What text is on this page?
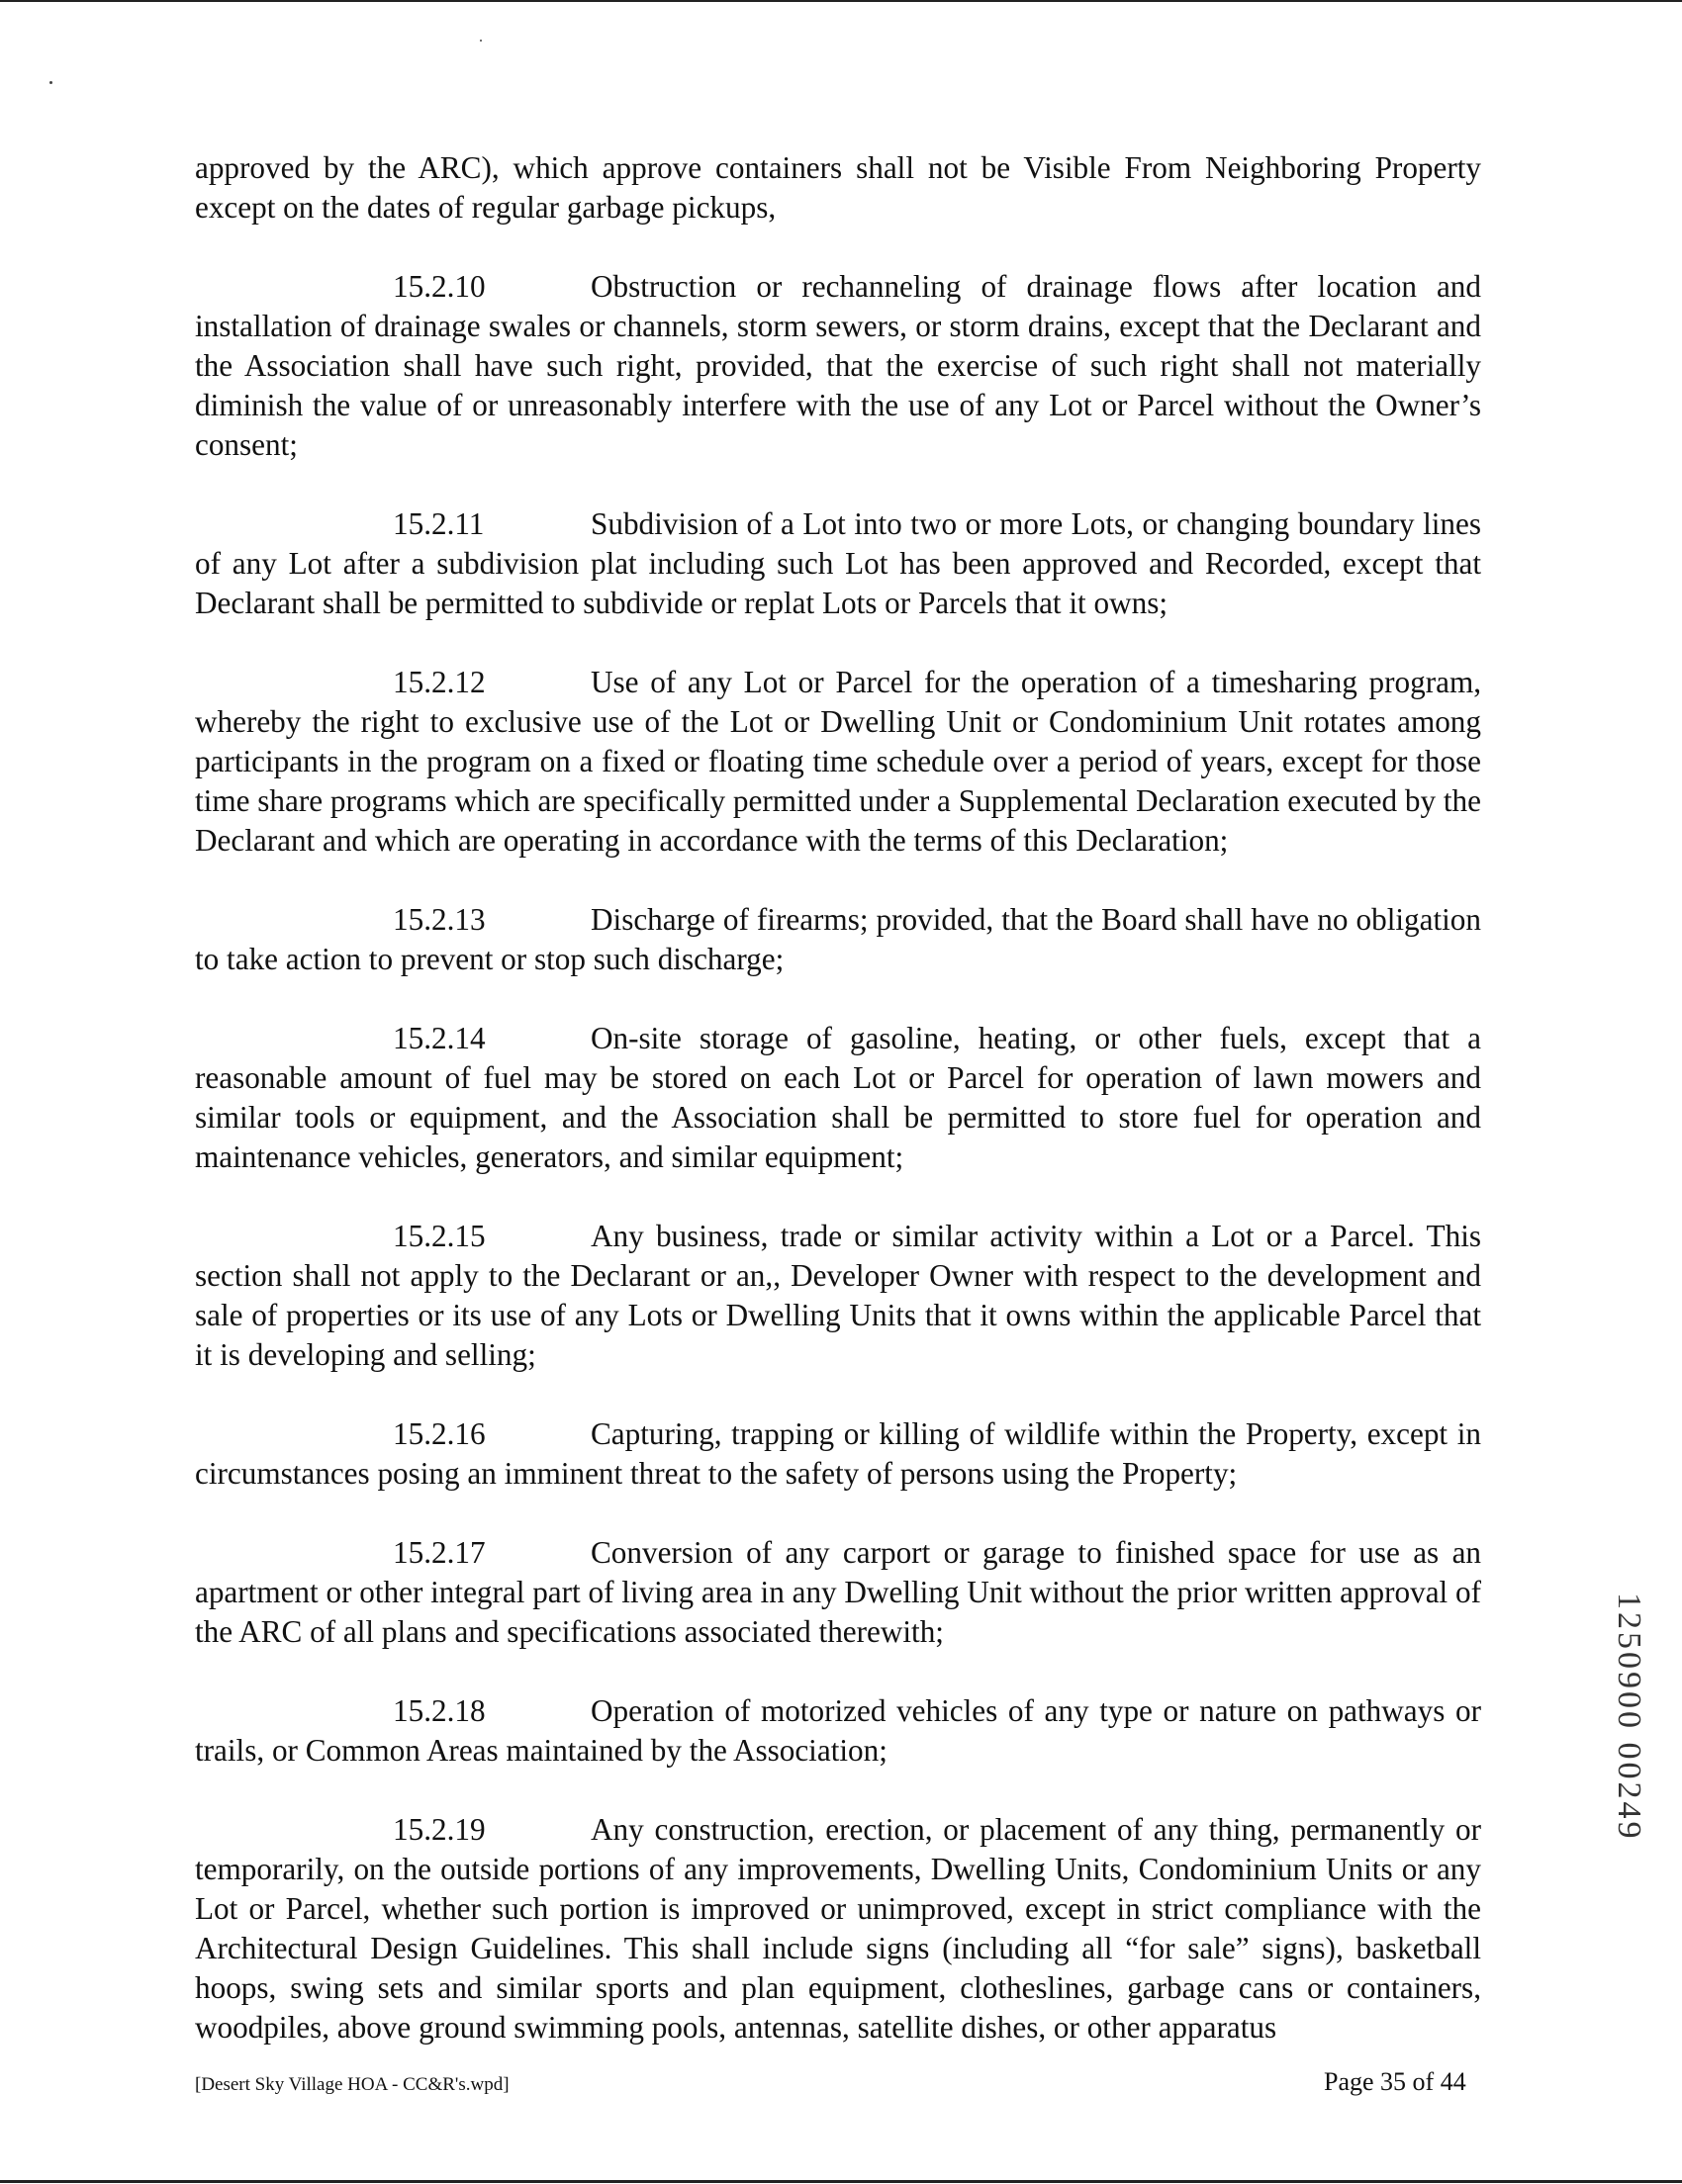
approved by the ARC), which approve containers shall not be Visible From Neighboring Property except on the dates of regular garbage pickups,

15.2.10	Obstruction or rechanneling of drainage flows after location and installation of drainage swales or channels, storm sewers, or storm drains, except that the Declarant and the Association shall have such right, provided, that the exercise of such right shall not materially diminish the value of or unreasonably interfere with the use of any Lot or Parcel without the Owner’s consent;

15.2.11	Subdivision of a Lot into two or more Lots, or changing boundary lines of any Lot after a subdivision plat including such Lot has been approved and Recorded, except that Declarant shall be permitted to subdivide or replat Lots or Parcels that it owns;

15.2.12	Use of any Lot or Parcel for the operation of a timesharing program, whereby the right to exclusive use of the Lot or Dwelling Unit or Condominium Unit rotates among participants in the program on a fixed or floating time schedule over a period of years, except for those time share programs which are specifically permitted under a Supplemental Declaration executed by the Declarant and which are operating in accordance with the terms of this Declaration;

15.2.13	Discharge of firearms; provided, that the Board shall have no obligation to take action to prevent or stop such discharge;

15.2.14	On-site storage of gasoline, heating, or other fuels, except that a reasonable amount of fuel may be stored on each Lot or Parcel for operation of lawn mowers and similar tools or equipment, and the Association shall be permitted to store fuel for operation and maintenance vehicles, generators, and similar equipment;

15.2.15	Any business, trade or similar activity within a Lot or a Parcel. This section shall not apply to the Declarant or an,, Developer Owner with respect to the development and sale of properties or its use of any Lots or Dwelling Units that it owns within the applicable Parcel that it is developing and selling;

15.2.16	Capturing, trapping or killing of wildlife within the Property, except in circumstances posing an imminent threat to the safety of persons using the Property;

15.2.17	Conversion of any carport or garage to finished space for use as an apartment or other integral part of living area in any Dwelling Unit without the prior written approval of the ARC of all plans and specifications associated therewith;

15.2.18	Operation of motorized vehicles of any type or nature on pathways or trails, or Common Areas maintained by the Association;

15.2.19	Any construction, erection, or placement of any thing, permanently or temporarily, on the outside portions of any improvements, Dwelling Units, Condominium Units or any Lot or Parcel, whether such portion is improved or unimproved, except in strict compliance with the Architectural Design Guidelines. This shall include signs (including all “for sale” signs), basketball hoops, swing sets and similar sports and plan equipment, clotheslines, garbage cans or containers, woodpiles, above ground swimming pools, antennas, satellite dishes, or other apparatus

1250900 00249
[Desert Sky Village HOA - CC&R's.wpd]	Page 35 of 44
